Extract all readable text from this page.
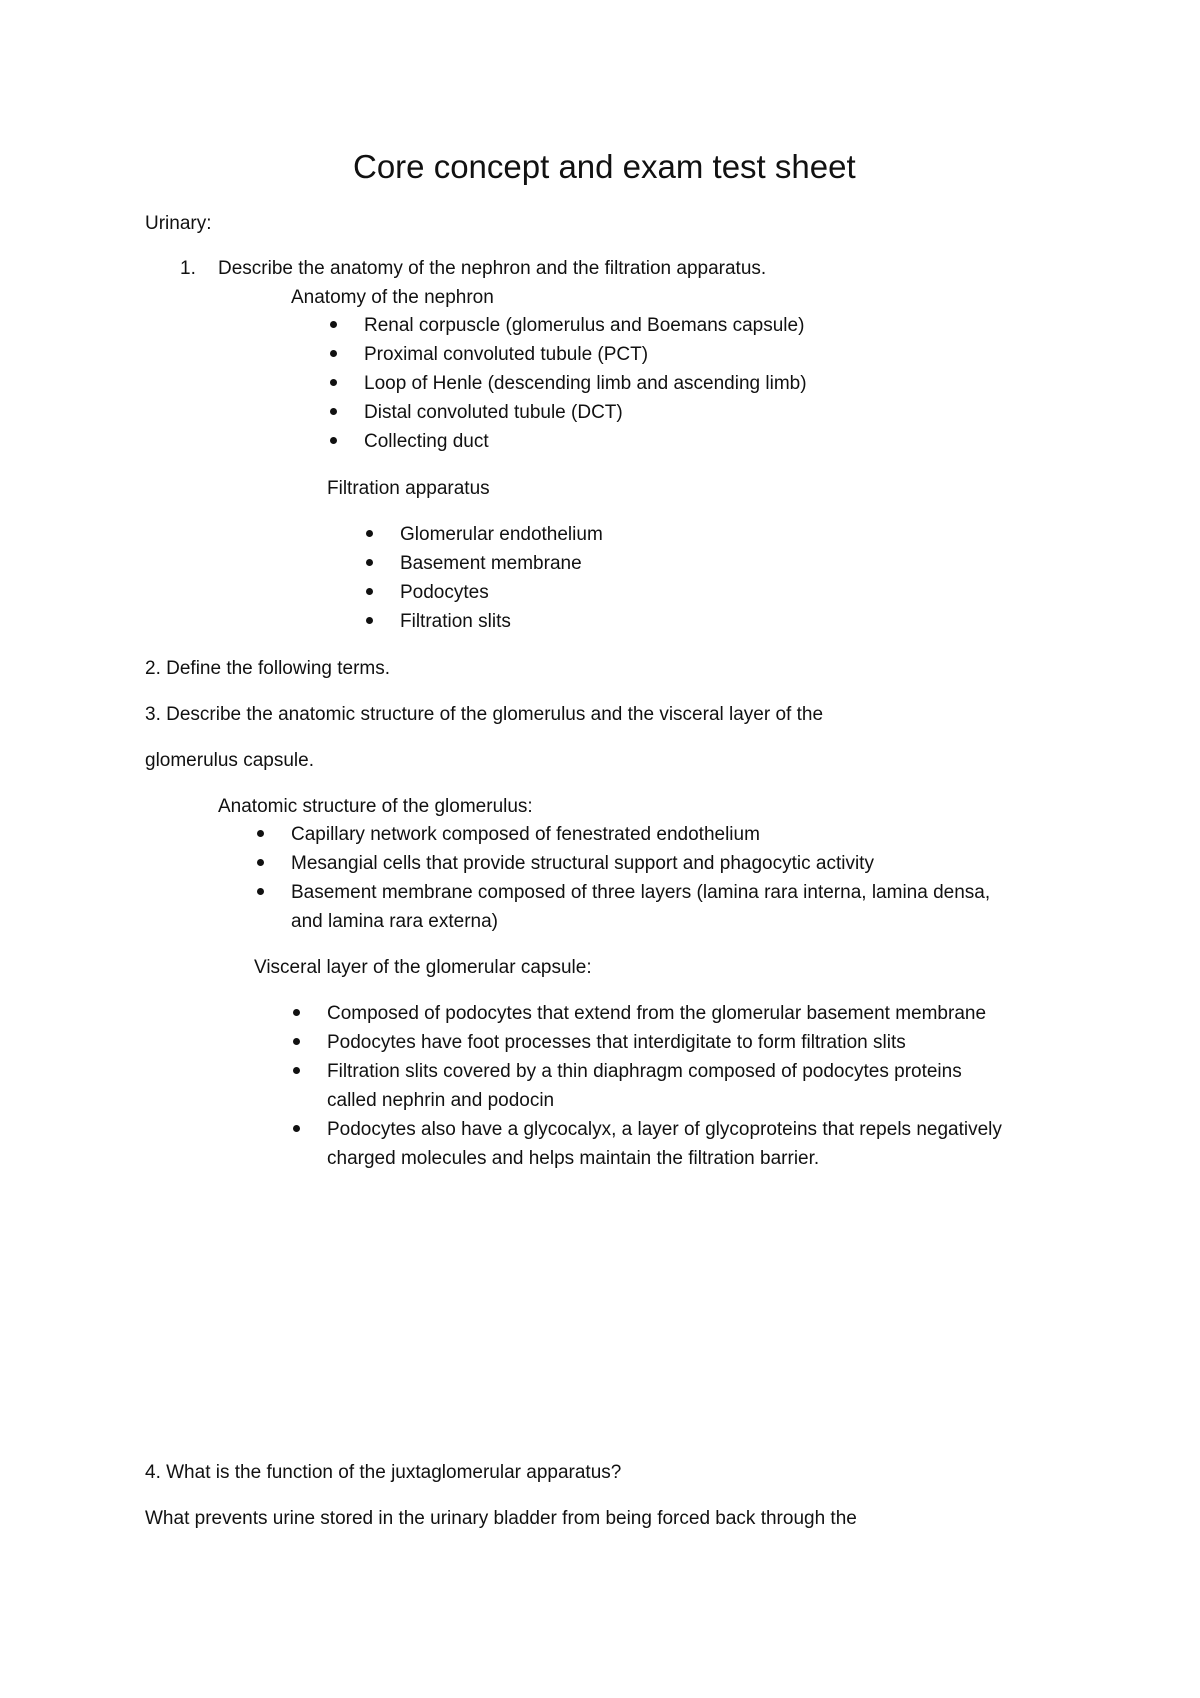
Core concept and exam test sheet
Urinary:
1. Describe the anatomy of the nephron and the filtration apparatus.
Anatomy of the nephron
Renal corpuscle (glomerulus and Boemans capsule)
Proximal convoluted tubule (PCT)
Loop of Henle (descending limb and ascending limb)
Distal convoluted tubule (DCT)
Collecting duct
Filtration apparatus
Glomerular endothelium
Basement membrane
Podocytes
Filtration slits
2. Define the following terms.
3. Describe the anatomic structure of the glomerulus and the visceral layer of the
glomerulus capsule.
Anatomic structure of the glomerulus:
Capillary network composed of fenestrated endothelium
Mesangial cells that provide structural support and phagocytic activity
Basement membrane composed of three layers (lamina rara interna, lamina densa,
and lamina rara externa)
Visceral layer of the glomerular capsule:
Composed of podocytes that extend from the glomerular basement membrane
Podocytes have foot processes that interdigitate to form filtration slits
Filtration slits covered by a thin diaphragm composed of podocytes proteins
called nephrin and podocin
Podocytes also have a glycocalyx, a layer of glycoproteins that repels negatively
charged molecules and helps maintain the filtration barrier.
4. What is the function of the juxtaglomerular apparatus?
What prevents urine stored in the urinary bladder from being forced back through the
